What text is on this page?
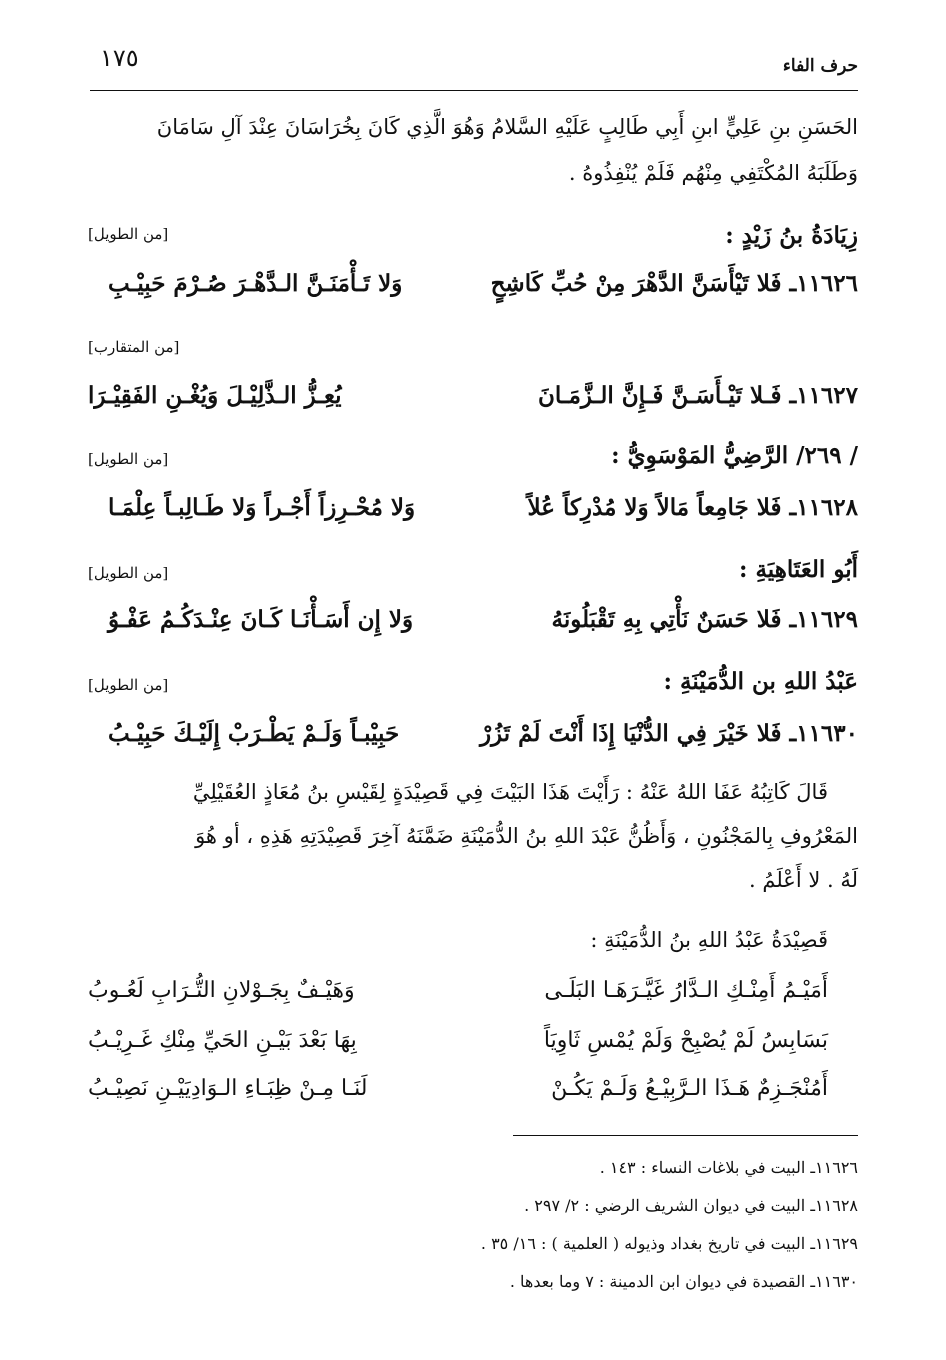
حرف الفاء
١٧٥
الحَسَنِ بنِ عَلِيٍّ ابنِ أَبِي طَالِبٍ عَلَيْهِ السَّلامُ وَهُوَ الَّذِي كَانَ بِخُرَاسَانَ عِنْدَ آلِ سَامَانَ
وَطَلَبَهُ المُكْتَفِي مِنْهُم فَلَمْ يُنْفِذُوهُ .
زِيَادَةُ بنُ زَيْدٍ :
[من الطويل]
١١٦٢٦ـ فَلا تَيْأَسَنَّ الدَّهْرَ مِنْ حُبِّ كَاشِحٍ
وَلا تَـأْمَنَـنَّ الـدَّهْـرَ صُـرْمَ حَبِيْـبِ
[من المتقارب]
١١٦٢٧ـ فَـلا تَيْـأَسَـنَّ فَـإِنَّ الـزَّمَـانَ
يُعِـزُّ الـذَّلِيْـلَ وَيُغْـنِ الفَقِيْـرَا
/ ٢٦٩/ الرَّضِيُّ المَوْسَوِيُّ :
[من الطويل]
١١٦٢٨ـ فَلا جَامِعاً مَالاً وَلا مُدْرِكاً عُلاً
وَلا مُحْـرِزاً أَجْـراً وَلا طَـالِبـاً عِلْمَـا
أَبُو العَتَاهِيَةِ :
[من الطويل]
١١٦٢٩ـ فَلا حَسَنٌ نَأْتِي بِهِ تَقْبَلُونَهُ
وَلا إِن أَسَـأْنَـا كَـانَ عِنْـدَكُـمُ عَفْـوُ
عَبْدُ اللهِ بن الدُّمَيْنَةِ :
[من الطويل]
١١٦٣٠ـ فَلا خَيْرَ فِي الدُّنْيَا إِذَا أَنْتَ لَمْ تَزُرْ
حَبِيْبـاً وَلَـمْ يَطْـرَبْ إِلَيْـكَ حَبِيْـبُ
قَالَ كَاتِبُهُ عَفَا اللهُ عَنْهُ : رَأَيْتَ هَذَا البَيْتَ فِي قَصِيْدَةٍ لِقَيْسِ بنُ مُعَاذٍ العُقَيْلِيِّ
المَعْرُوفِ بِالمَجْنُونِ ، وَأَظُنُّ عَبْدَ اللهِ بنُ الدُّمَيْنَةِ ضَمَّنَهُ آخِرَ قَصِيْدَتِهِ هَذِهِ ، أو هُوَ
لَهُ . لا أَعْلَمُ .
قَصِيْدَةُ عَبْدُ اللهِ بنُ الدُّمَيْنَةِ :
أَمَيْـمُ أَمِنْـكِ الـدَّارُ غَيَّـرَهَـا البَلَـى
وَهَيْـفٌ بِجَـوْلانِ التُّـرَابِ لَعُـوبُ
بَسَابِسُ لَمْ يُصْبِحْ وَلَمْ يُمْسِ ثَاوِيَاً
بِهَا بَعْدَ بَيْـنِ الحَيِّ مِنْكِ غَـرِيْـبُ
أَمُنْجَـزِمٌ هَـذَا الـرَّبِيْـعُ وَلَـمْ يَكُـنْ
لَنَـا مِـنْ ظِبَـاءِ الـوَادِيَيْـنِ نَصِيْـبُ
١١٦٢٦ـ البيت في بلاغات النساء : ١٤٣ .
١١٦٢٨ـ البيت في ديوان الشريف الرضي : ٢/ ٢٩٧ .
١١٦٢٩ـ البيت في تاريخ بغداد وذيوله ( العلمية ) : ١٦/ ٣٥ .
١١٦٣٠ـ القصيدة في ديوان ابن الدمينة : ٧ وما بعدها .
